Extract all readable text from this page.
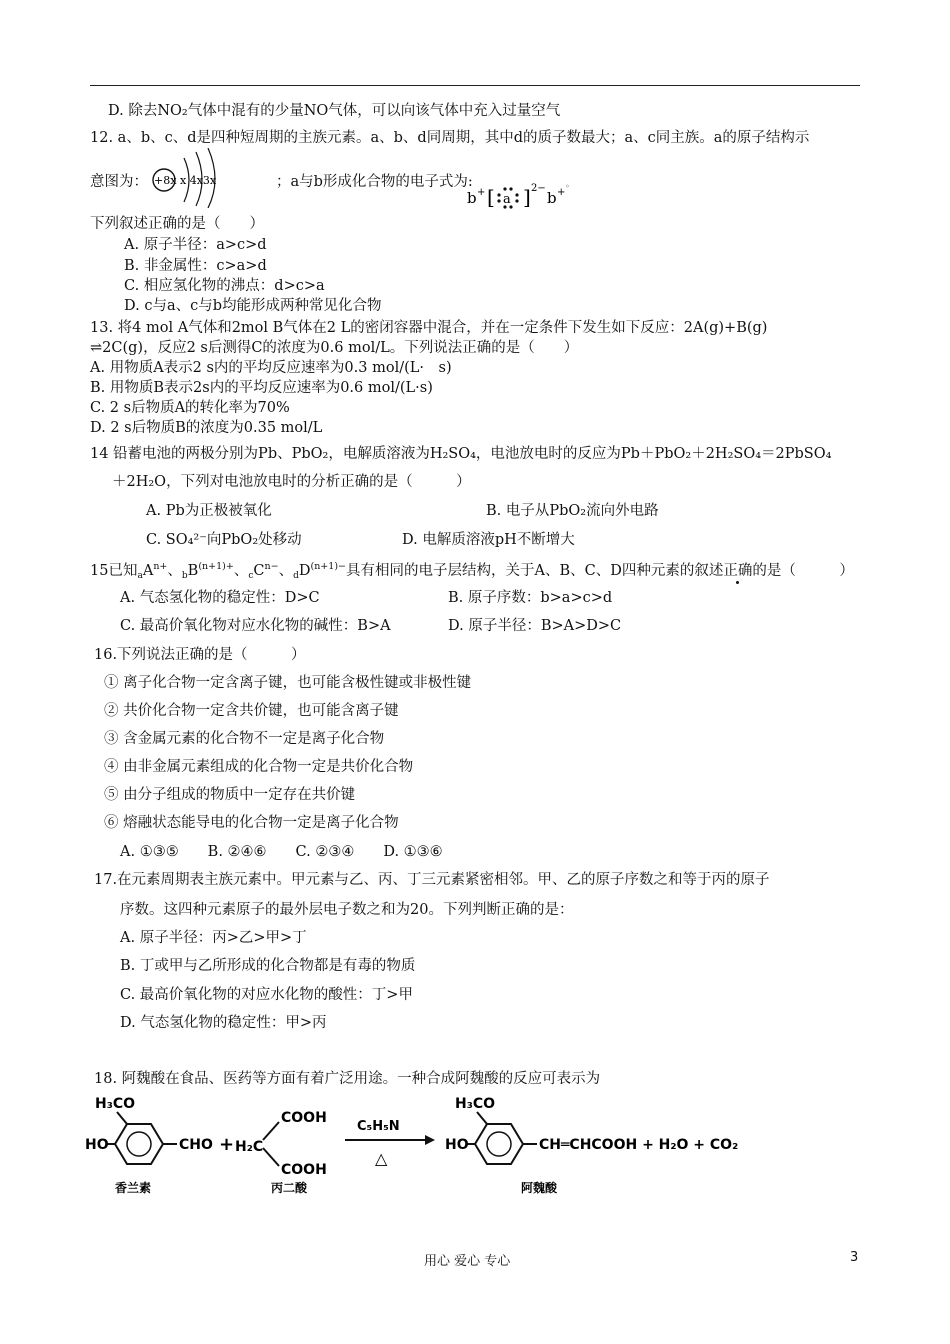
D. 除去NO₂气体中混有的少量NO气体，可以向该气体中充入过量空气
12. a、b、c、d是四种短周期的主族元素。a、b、d同周期，其中d的质子数最大；a、c同主族。a的原子结构示
意图为：	；a与b形成化合物的电子式为:
+8x x 4x3x
b + [ a ] 2−
b +
◦
下列叙述正确的是（　　）
A. 原子半径：a>c>d
B. 非金属性：c>a>d
C. 相应氢化物的沸点：d>c>a
D. c与a、c与b均能形成两种常见化合物
13. 将4 mol A气体和2mol B气体在2 L的密闭容器中混合，并在一定条件下发生如下反应：2A(g)+B(g)
⇌2C(g)，反应2 s后测得C的浓度为0.6 mol/L。下列说法正确的是（　　）
A. 用物质A表示2 s内的平均反应速率为0.3 mol/(L·　s)
B. 用物质B表示2s内的平均反应速率为0.6 mol/(L·s)
C. 2 s后物质A的转化率为70%
D. 2 s后物质B的浓度为0.35 mol/L
14 铅蓄电池的两极分别为Pb、PbO₂，电解质溶液为H₂SO₄，电池放电时的反应为Pb＋PbO₂＋2H₂SO₄＝2PbSO₄
＋2H₂O，下列对电池放电时的分析正确的是（　　　）
A. Pb为正极被氧化	B. 电子从PbO₂流向外电路
C. SO₄²⁻向PbO₂处移动	D. 电解质溶液pH不断增大
15已知$_aA^{n+}$、$_bB^{(n+1)+}$、$_cC^{n-}$、$_dD^{(n+1)-}$具有相同的电子层结构，关于A、B、C、D四种元素的叙述正确的是（　　　）
A. 气态氢化物的稳定性：D>C	B. 原子序数：b>a>c>d
C. 最高价氧化物对应水化物的碱性：B>A	D. 原子半径：B>A>D>C
16.下列说法正确的是（　　　）
① 离子化合物一定含离子键，也可能含极性键或非极性键
② 共价化合物一定含共价键，也可能含离子键
③ 含金属元素的化合物不一定是离子化合物
④ 由非金属元素组成的化合物一定是共价化合物
⑤ 由分子组成的物质中一定存在共价键
⑥ 熔融状态能导电的化合物一定是离子化合物
A. ①③⑤　　B. ②④⑥　　C. ②③④　　D. ①③⑥
17.在元素周期表主族元素中。甲元素与乙、丙、丁三元素紧密相邻。甲、乙的原子序数之和等于丙的原子
序数。这四种元素原子的最外层电子数之和为20。下列判断正确的是：
A. 原子半径：丙>乙>甲>丁
B. 丁或甲与乙所形成的化合物都是有毒的物质
C. 最高价氧化物的对应水化物的酸性：丁>甲
D. 气态氢化物的稳定性：甲>丙
18. 阿魏酸在食品、医药等方面有着广泛用途。一种合成阿魏酸的反应可表示为
H₃CO
HO	CHO
香兰素
+ H₂C
COOH
COOH
丙二酸
C₅H₅N
△
H₃CO
HO	CH═CHCOOH + H₂O + CO₂
阿魏酸
用心 爱心 专心	3
